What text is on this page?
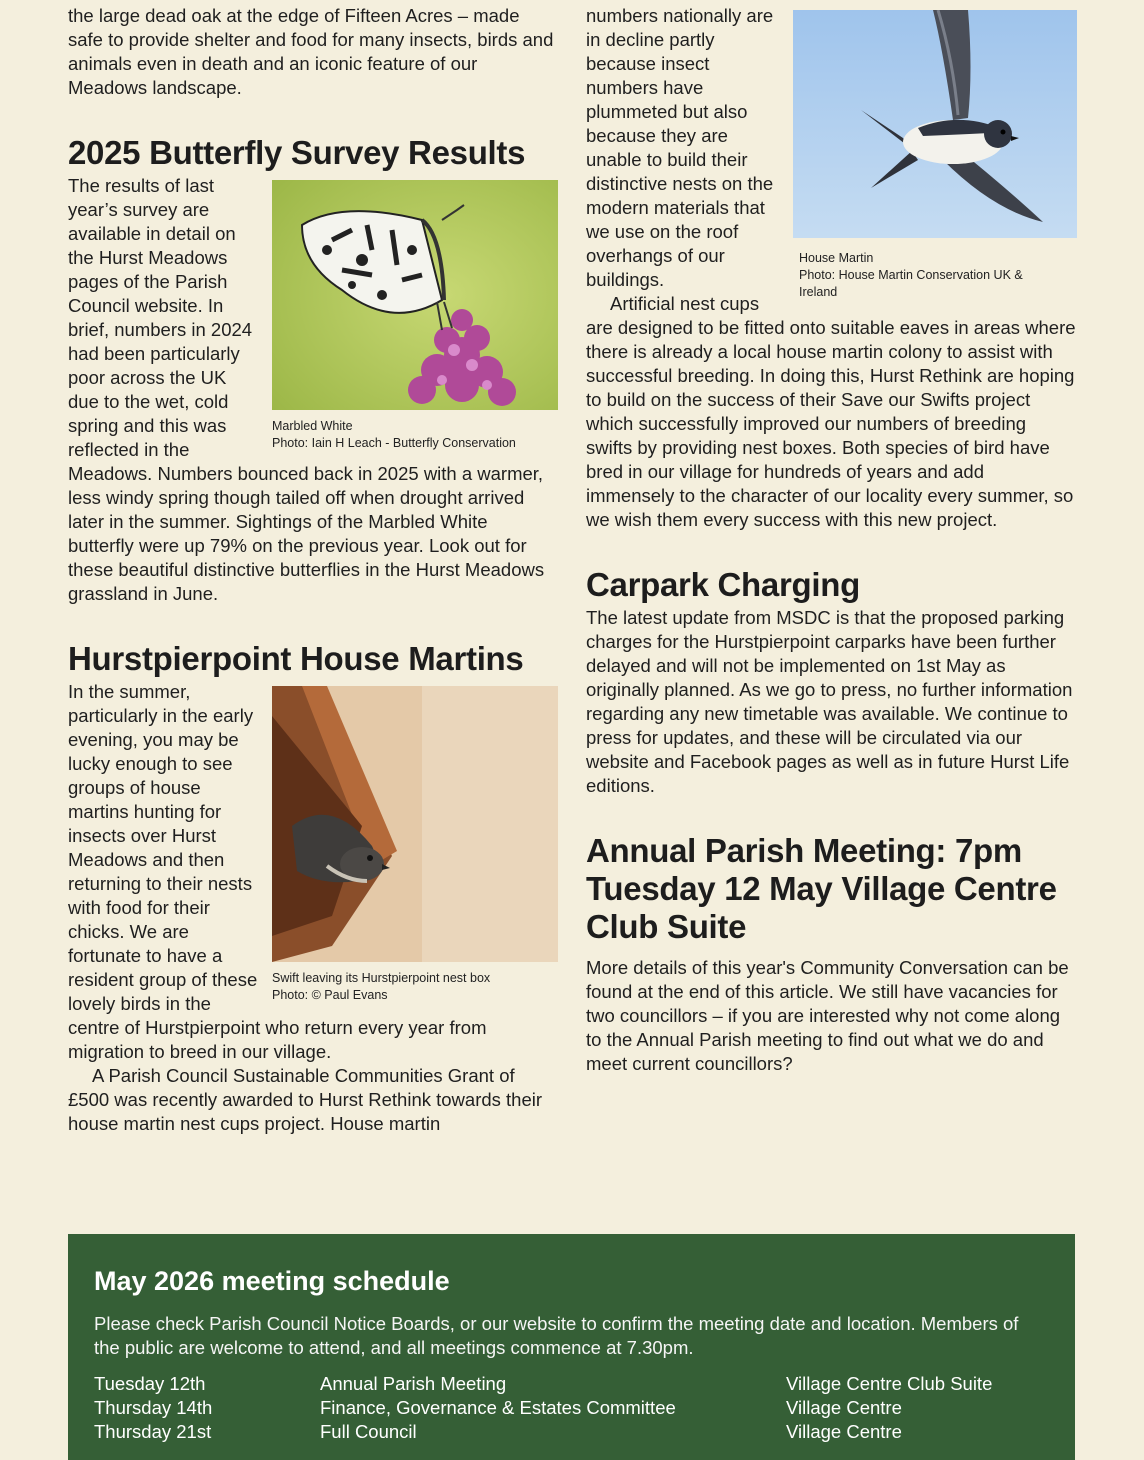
the large dead oak at the edge of Fifteen Acres – made safe to provide shelter and food for many insects, birds and animals even in death and an iconic feature of our Meadows landscape.

2025 Butterfly Survey Results
Marbled White
Photo: Iain H Leach - Butterfly Conservation

The results of last year’s survey are available in detail on the Hurst Meadows pages of the Parish Council website. In brief, numbers in 2024 had been particularly poor across the UK due to the wet, cold spring and this was reflected in the Meadows. Numbers bounced back in 2025 with a warmer, less windy spring though tailed off when drought arrived later in the summer. Sightings of the Marbled White butterfly were up 79% on the previous year. Look out for these beautiful distinctive butterflies in the Hurst Meadows grassland in June.

Hurstpierpoint House Martins
Swift leaving its Hurstpierpoint nest box
Photo: © Paul Evans

In the summer, particularly in the early evening, you may be lucky enough to see groups of house martins hunting for insects over Hurst Meadows and then returning to their nests with food for their chicks. We are fortunate to have a resident group of these lovely birds in the centre of Hurstpierpoint who return every year from migration to breed in our village.

A Parish Council Sustainable Communities Grant of £500 was recently awarded to Hurst Rethink towards their house martin nest cups project. House martin

House Martin
Photo: House Martin Conservation UK & Ireland

numbers nationally are in decline partly because insect numbers have plummeted but also because they are unable to build their distinctive nests on the modern materials that we use on the roof overhangs of our buildings.

Artificial nest cups are designed to be fitted onto suitable eaves in areas where there is already a local house martin colony to assist with successful breeding. In doing this, Hurst Rethink are hoping to build on the success of their Save our Swifts project which successfully improved our numbers of breeding swifts by providing nest boxes. Both species of bird have bred in our village for hundreds of years and add immensely to the character of our locality every summer, so we wish them every success with this new project.

Carpark Charging

The latest update from MSDC is that the proposed parking charges for the Hurstpierpoint carparks have been further delayed and will not be implemented on 1st May as originally planned. As we go to press, no further information regarding any new timetable was available. We continue to press for updates, and these will be circulated via our website and Facebook pages as well as in future Hurst Life editions.

Annual Parish Meeting: 7pm Tuesday 12 May Village Centre Club Suite

More details of this year's Community Conversation can be found at the end of this article. We still have vacancies for two councillors – if you are interested why not come along to the Annual Parish meeting to find out what we do and meet current councillors?

May 2026 meeting schedule

Please check Parish Council Notice Boards, or our website to confirm the meeting date and location. Members of the public are welcome to attend, and all meetings commence at 7.30pm.

Tuesday 12th	Annual Parish Meeting	Village Centre Club Suite
Thursday 14th	Finance, Governance & Estates Committee	Village Centre
Thursday 21st	Full Council	Village Centre
